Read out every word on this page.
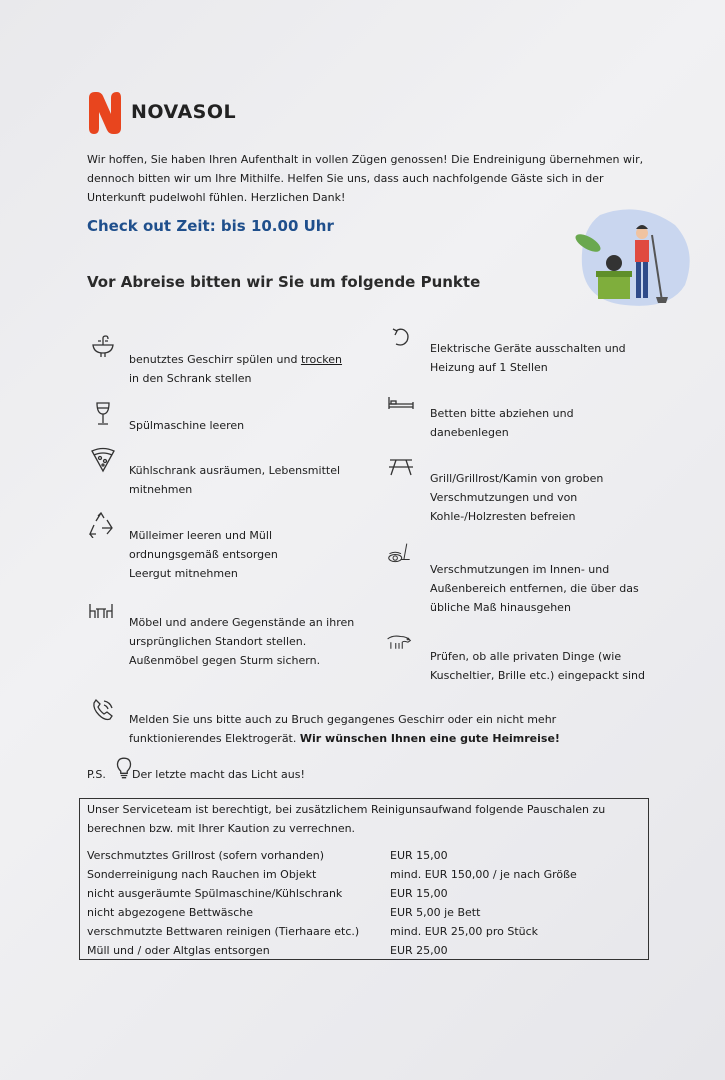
NOVASOL
Wir hoffen, Sie haben Ihren Aufenthalt in vollen Zügen genossen! Die Endreinigung übernehmen wir, dennoch bitten wir um Ihre Mithilfe. Helfen Sie uns, dass auch nachfolgende Gäste sich in der Unterkunft pudelwohl fühlen. Herzlichen Dank!
Check out Zeit: bis 10.00 Uhr
Vor Abreise bitten wir Sie um folgende Punkte
benutztes Geschirr spülen und trocken
in den Schrank stellen
Spülmaschine leeren
Kühlschrank ausräumen, Lebensmittel mitnehmen
Mülleimer leeren und Müll ordnungsgemäß entsorgen Leergut mitnehmen
Möbel und andere Gegenstände an ihren ursprünglichen Standort stellen. Außenmöbel gegen Sturm sichern.
Elektrische Geräte ausschalten und Heizung auf 1 Stellen
Betten bitte abziehen und danebenlegen
Grill/Grillrost/Kamin von groben Verschmutzungen und von Kohle-/Holzresten befreien
Verschmutzungen im Innen- und Außenbereich entfernen, die über das übliche Maß hinausgehen
Prüfen, ob alle privaten Dinge (wie Kuscheltier, Brille etc.) eingepackt sind
Melden Sie uns bitte auch zu Bruch gegangenes Geschirr oder ein nicht mehr funktionierendes Elektrogerät. Wir wünschen Ihnen eine gute Heimreise!
P.S. Der letzte macht das Licht aus!
Unser Serviceteam ist berechtigt, bei zusätzlichem Reinigunsaufwand folgende Pauschalen zu berechnen bzw. mit Ihrer Kaution zu verrechnen.
Verschmutztes Grillrost (sofern vorhanden)	EUR 15,00
Sonderreinigung nach Rauchen im Objekt	mind. EUR 150,00 / je nach Größe
nicht ausgeräumte Spülmaschine/Kühlschrank	EUR 15,00
nicht abgezogene Bettwäsche	EUR 5,00 je Bett
verschmutzte Bettwaren reinigen (Tierhaare etc.)	mind. EUR 25,00 pro Stück
Müll und / oder Altglas entsorgen	EUR 25,00
